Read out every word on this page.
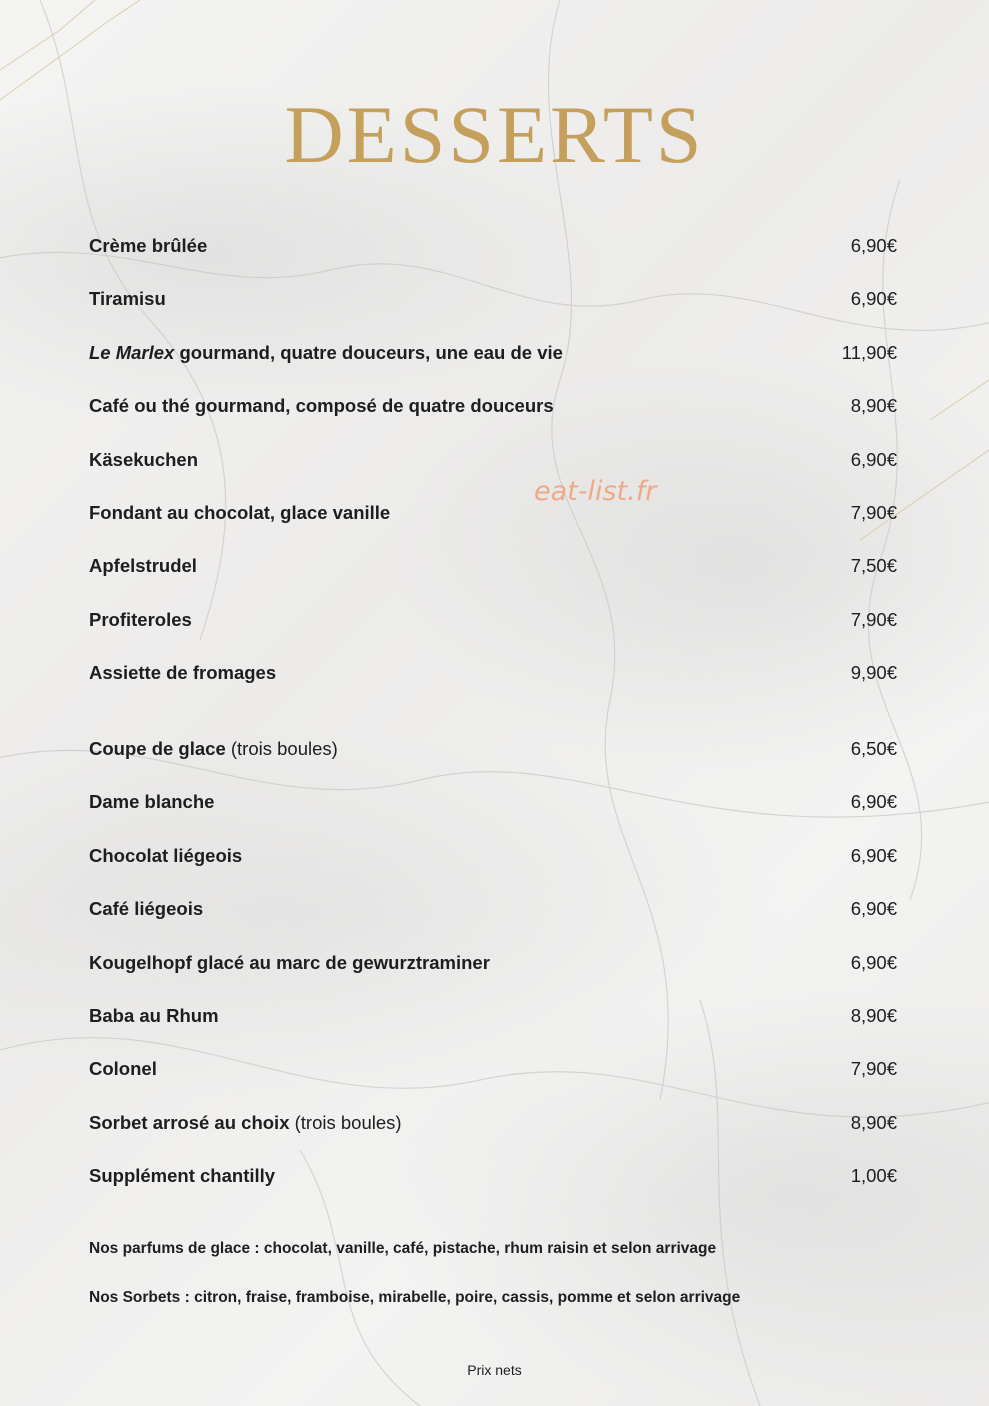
DESSERTS
Crème brûlée	6,90€
Tiramisu	6,90€
Le Marlex gourmand, quatre douceurs, une eau de vie	11,90€
Café ou thé gourmand, composé de quatre douceurs	8,90€
Käsekuchen	6,90€
Fondant au chocolat, glace vanille	7,90€
Apfelstrudel	7,50€
Profiteroles	7,90€
Assiette de fromages	9,90€
Coupe de glace (trois boules)	6,50€
Dame blanche	6,90€
Chocolat liégeois	6,90€
Café liégeois	6,90€
Kougelhopf glacé au marc de gewurztraminer	6,90€
Baba au Rhum	8,90€
Colonel	7,90€
Sorbet arrosé au choix (trois boules)	8,90€
Supplément chantilly	1,00€
Nos parfums de glace : chocolat, vanille, café, pistache, rhum raisin et selon arrivage
Nos Sorbets : citron, fraise, framboise, mirabelle, poire, cassis, pomme et selon arrivage
Prix nets
eat-list.fr
